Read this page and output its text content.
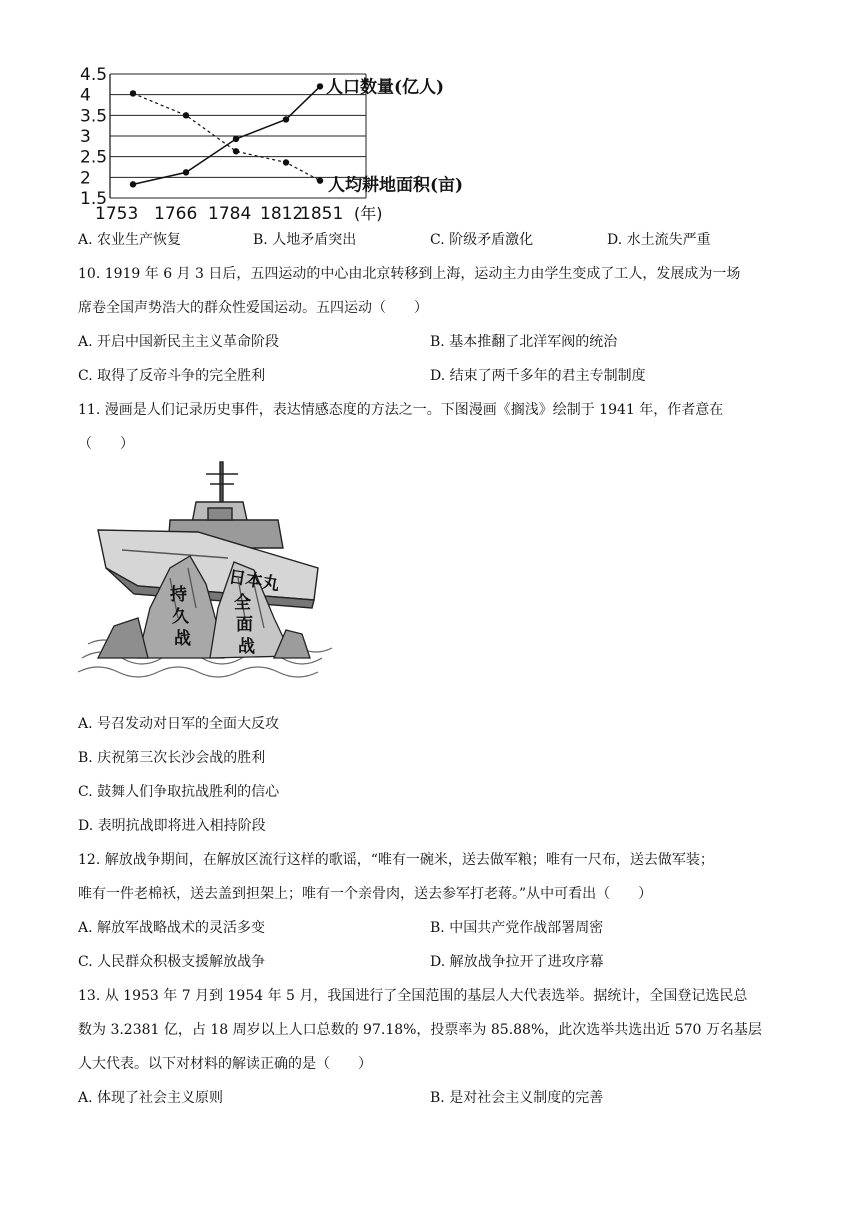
4.5
4
3.5
3
2.5
2
1.5
1753 1766 1784 1812
1851 (年)
人口数量(亿人)
人均耕地面积(亩)
A. 农业生产恢复	B. 人地矛盾突出	C. 阶级矛盾激化	D. 水土流失严重
10. 1919 年 6 月 3 日后，五四运动的中心由北京转移到上海，运动主力由学生变成了工人，发展成为一场
席卷全国声势浩大的群众性爱国运动。五四运动（　　）
A. 开启中国新民主主义革命阶段	B. 基本推翻了北洋军阀的统治
C. 取得了反帝斗争的完全胜利	D. 结束了两千多年的君主专制制度
11. 漫画是人们记录历史事件，表达情感态度的方法之一。下图漫画《搁浅》绘制于 1941 年，作者意在
（　　）
日本丸
持
久
战
全
面
战
A. 号召发动对日军的全面大反攻
B. 庆祝第三次长沙会战的胜利
C. 鼓舞人们争取抗战胜利的信心
D. 表明抗战即将进入相持阶段
12. 解放战争期间，在解放区流行这样的歌谣，“唯有一碗米，送去做军粮；唯有一尺布，送去做军装；
唯有一件老棉袄，送去盖到担架上；唯有一个亲骨肉，送去参军打老蒋。”从中可看出（　　）
A. 解放军战略战术的灵活多变	B. 中国共产党作战部署周密
C. 人民群众积极支援解放战争	D. 解放战争拉开了进攻序幕
13. 从 1953 年 7 月到 1954 年 5 月，我国进行了全国范围的基层人大代表选举。据统计，全国登记选民总
数为 3.2381 亿，占 18 周岁以上人口总数的 97.18%，投票率为 85.88%，此次选举共选出近 570 万名基层
人大代表。以下对材料的解读正确的是（　　）
A. 体现了社会主义原则	B. 是对社会主义制度的完善
